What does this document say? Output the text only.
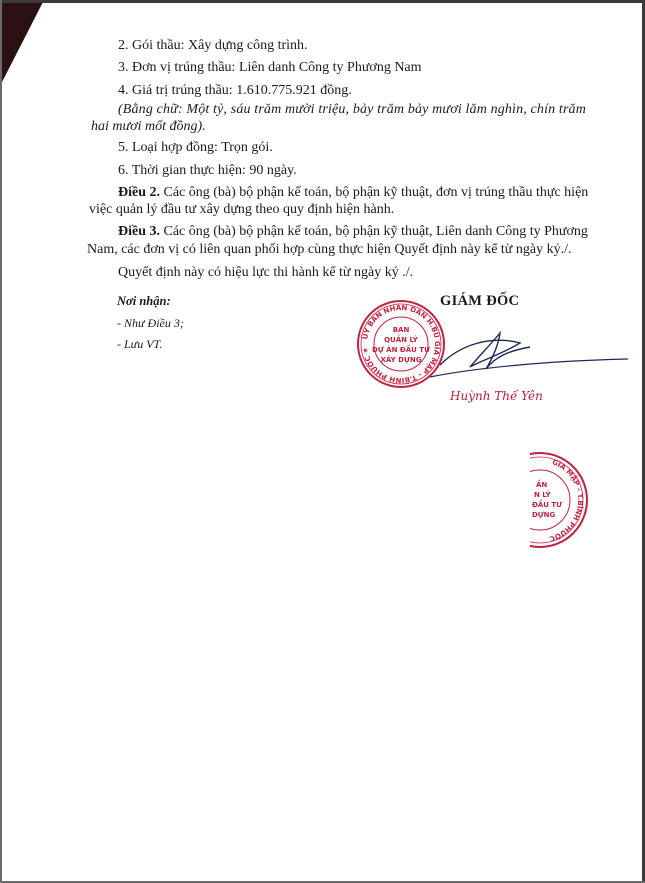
2. Gói thầu: Xây dựng công trình.
3. Đơn vị trúng thầu: Liên danh Công ty Phương Nam
4. Giá trị trúng thầu: 1.610.775.921 đồng.
(Bằng chữ: Một tỷ, sáu trăm mười triệu, bảy trăm bảy mươi lăm nghìn, chín trăm
hai mươi mốt đồng).
5. Loại hợp đồng: Trọn gói.
6. Thời gian thực hiện: 90 ngày.
Điều 2. Các ông (bà) bộ phận kế toán, bộ phận kỹ thuật, đơn vị trúng thầu thực hiện
việc quản lý đầu tư xây dựng theo quy định hiện hành.
Điều 3. Các ông (bà) bộ phận kế toán, bộ phận kỹ thuật, Liên danh Công ty Phương
Nam, các đơn vị có liên quan phối hợp cùng thực hiện Quyết định này kể từ ngày ký./.
Quyết định này có hiệu lực thi hành kể từ ngày ký ./.
Nơi nhận:
- Như Điều 3;
- Lưu VT.
GIÁM ĐỐC
ỦY BAN NHÂN DÂN H.BÙ GIA MẬP - T.BÌNH PHƯỚC ★
BAN
QUẢN LÝ
DỰ ÁN ĐẦU TƯ
XÂY DỰNG
Huỳnh Thế Yên
GIA MẬP - T.BÌNH PHƯỚC
ẦN
N LÝ
ĐẦU TƯ
DỰNG
